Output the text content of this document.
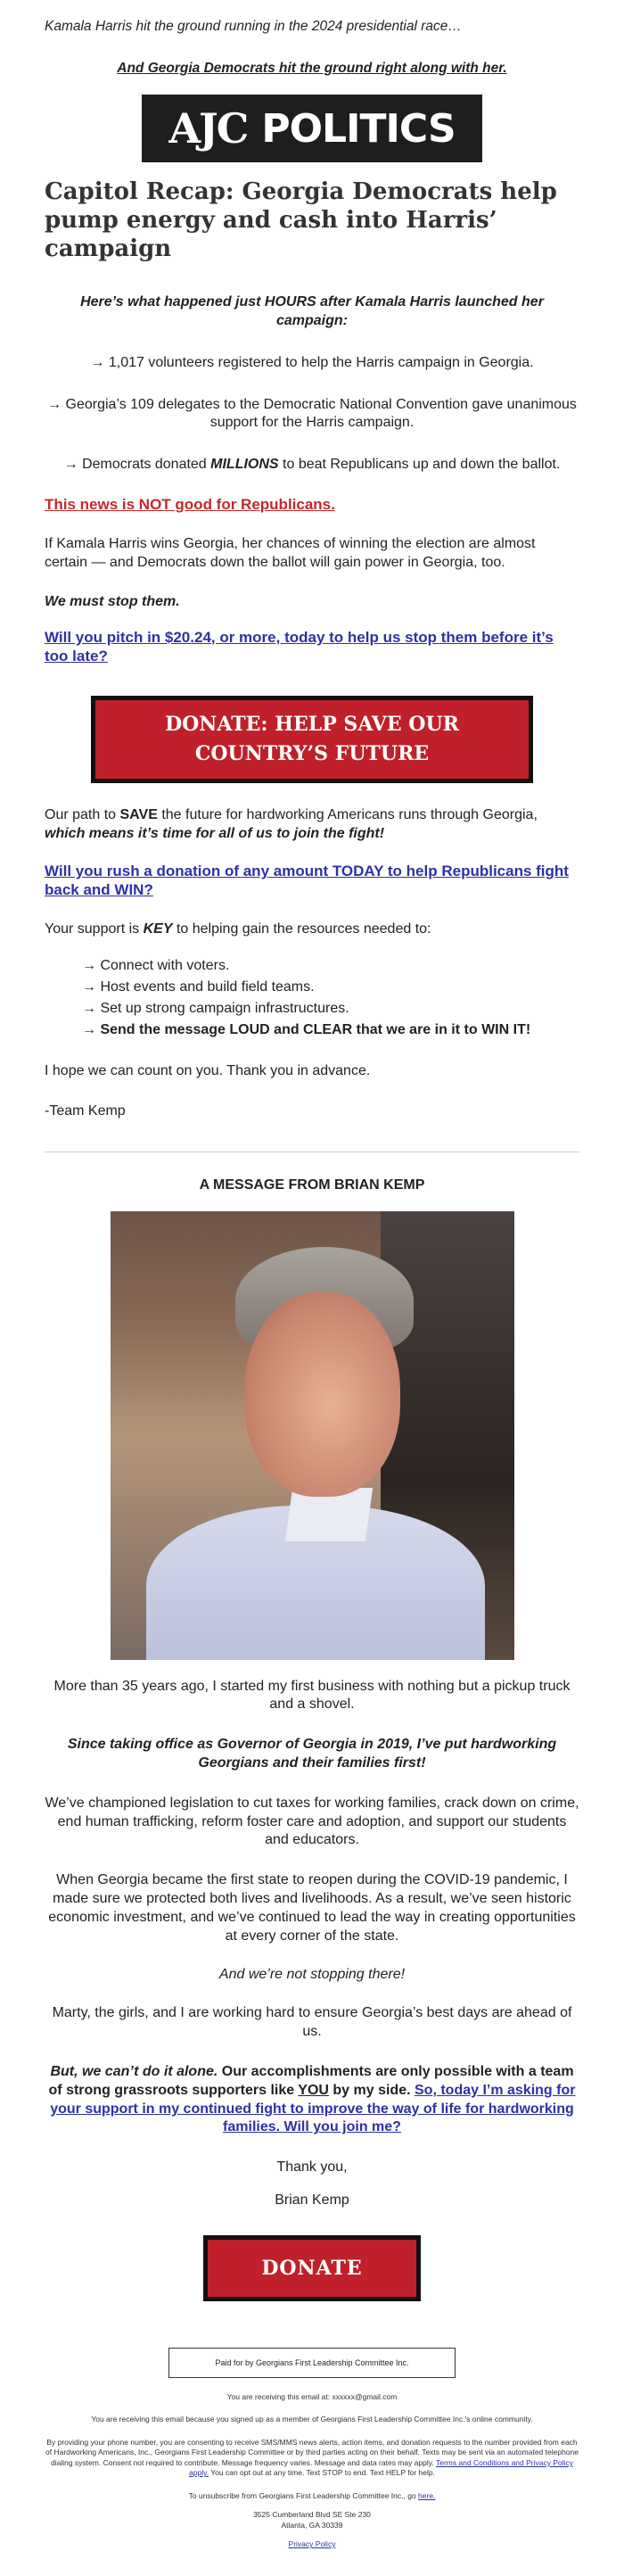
Kamala Harris hit the ground running in the 2024 presidential race…

And Georgia Democrats hit the ground right along with her.

AJC POLITICS
Capitol Recap: Georgia Democrats help pump energy and cash into Harris’ campaign

Here’s what happened just HOURS after Kamala Harris launched her campaign:

→ 1,017 volunteers registered to help the Harris campaign in Georgia.

→ Georgia’s 109 delegates to the Democratic National Convention gave unanimous support for the Harris campaign.

→ Democrats donated MILLIONS to beat Republicans up and down the ballot.

This news is NOT good for Republicans.

If Kamala Harris wins Georgia, her chances of winning the election are almost certain — and Democrats down the ballot will gain power in Georgia, too.

We must stop them.

Will you pitch in $20.24, or more, today to help us stop them before it’s too late?
DONATE: HELP SAVE OUR
COUNTRY’S FUTURE

Our path to SAVE the future for hardworking Americans runs through Georgia, which means it’s time for all of us to join the fight!

Will you rush a donation of any amount TODAY to help Republicans fight back and WIN?

Your support is KEY to helping gain the resources needed to:

→ Connect with voters.
→ Host events and build field teams.
→ Set up strong campaign infrastructures.
→ Send the message LOUD and CLEAR that we are in it to WIN IT!

I hope we can count on you. Thank you in advance.

-Team Kemp

A MESSAGE FROM BRIAN KEMP

More than 35 years ago, I started my first business with nothing but a pickup truck and a shovel.

Since taking office as Governor of Georgia in 2019, I’ve put hardworking Georgians and their families first!

We’ve championed legislation to cut taxes for working families, crack down on crime, end human trafficking, reform foster care and adoption, and support our students and educators.

When Georgia became the first state to reopen during the COVID-19 pandemic, I made sure we protected both lives and livelihoods. As a result, we’ve seen historic economic investment, and we’ve continued to lead the way in creating opportunities at every corner of the state.

And we’re not stopping there!

Marty, the girls, and I are working hard to ensure Georgia’s best days are ahead of us.

But, we can’t do it alone. Our accomplishments are only possible with a team of strong grassroots supporters like YOU by my side. So, today I’m asking for your support in my continued fight to improve the way of life for hardworking families. Will you join me?

Thank you,

Brian Kemp

DONATE
Paid for by Georgians First Leadership Committee Inc.

You are receiving this email at: xxxxxx@gmail.com

You are receiving this email because you signed up as a member of Georgians First Leadership Committee Inc.'s online community.

By providing your phone number, you are consenting to receive SMS/MMS news alerts, action items, and donation requests to the number provided from each of Hardworking Americans, Inc., Georgians First Leadership Committee or by third parties acting on their behalf. Texts may be sent via an automated telephone dialing system. Consent not required to contribute. Message frequency varies. Message and data rates may apply. Terms and Conditions and Privacy Policy apply. You can opt out at any time. Text STOP to end. Text HELP for help.

To unsubscribe from Georgians First Leadership Committee Inc., go here.

3525 Cumberland Blvd SE Ste 230

Atlanta, GA 30339

Privacy Policy
